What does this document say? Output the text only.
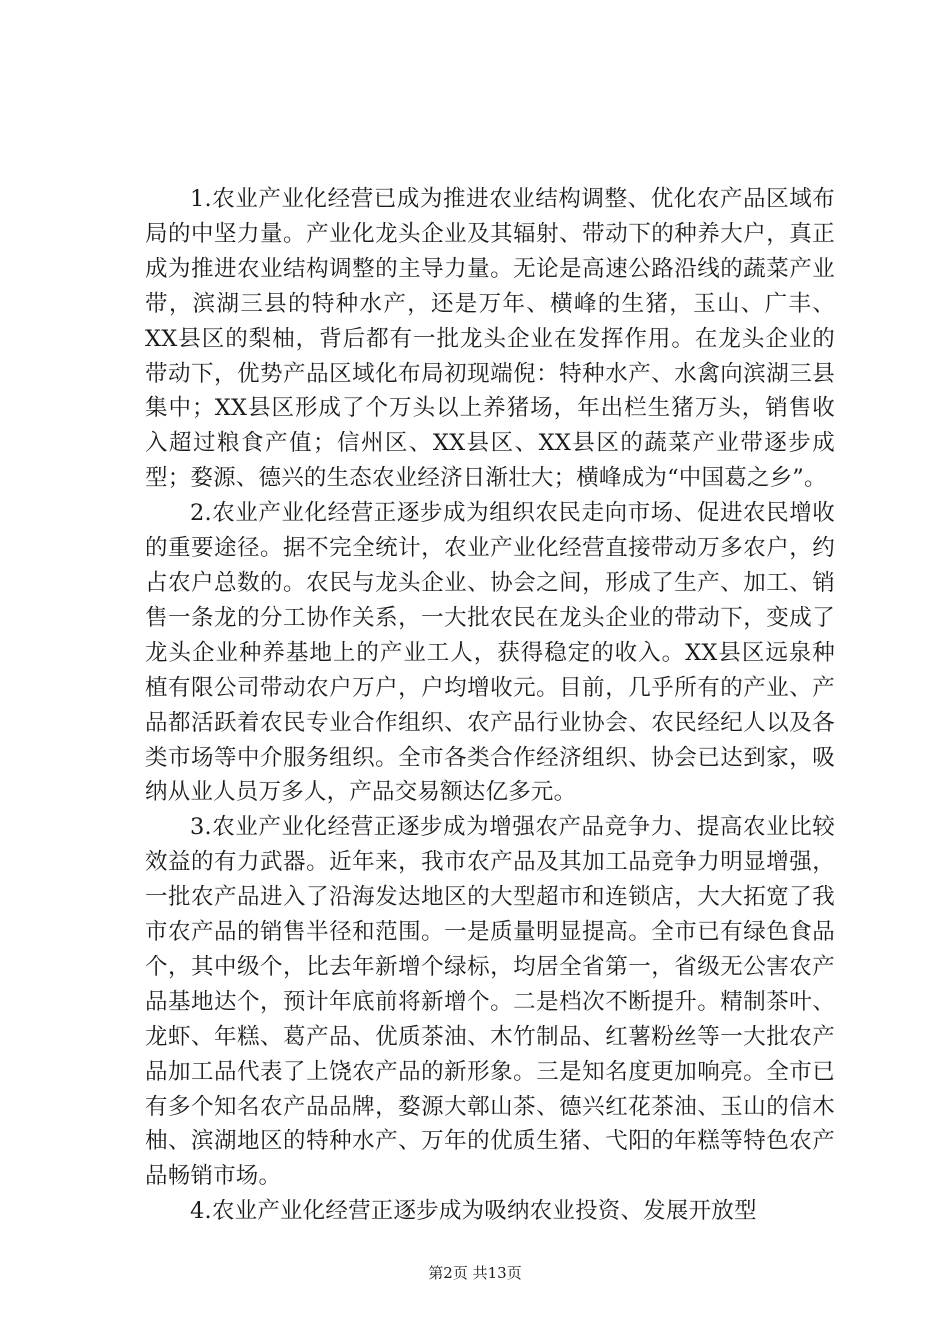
1.农业产业化经营已成为推进农业结构调整、优化农产品区域布局的中坚力量。产业化龙头企业及其辐射、带动下的种养大户，真正成为推进农业结构调整的主导力量。无论是高速公路沿线的蔬菜产业带，滨湖三县的特种水产，还是万年、横峰的生猪，玉山、广丰、XX县区的梨柚，背后都有一批龙头企业在发挥作用。在龙头企业的带动下，优势产品区域化布局初现端倪：特种水产、水禽向滨湖三县集中；XX县区形成了个万头以上养猪场，年出栏生猪万头，销售收入超过粮食产值；信州区、XX县区、XX县区的蔬菜产业带逐步成型；婺源、德兴的生态农业经济日渐壮大；横峰成为“中国葛之乡”。

2.农业产业化经营正逐步成为组织农民走向市场、促进农民增收的重要途径。据不完全统计，农业产业化经营直接带动万多农户，约占农户总数的。农民与龙头企业、协会之间，形成了生产、加工、销售一条龙的分工协作关系，一大批农民在龙头企业的带动下，变成了龙头企业种养基地上的产业工人，获得稳定的收入。XX县区远泉种植有限公司带动农户万户，户均增收元。目前，几乎所有的产业、产品都活跃着农民专业合作组织、农产品行业协会、农民经纪人以及各类市场等中介服务组织。全市各类合作经济组织、协会已达到家，吸纳从业人员万多人，产品交易额达亿多元。

3.农业产业化经营正逐步成为增强农产品竞争力、提高农业比较效益的有力武器。近年来，我市农产品及其加工品竞争力明显增强，一批农产品进入了沿海发达地区的大型超市和连锁店，大大拓宽了我市农产品的销售半径和范围。一是质量明显提高。全市已有绿色食品个，其中级个，比去年新增个绿标，均居全省第一，省级无公害农产品基地达个，预计年底前将新增个。二是档次不断提升。精制茶叶、龙虾、年糕、葛产品、优质茶油、木竹制品、红薯粉丝等一大批农产品加工品代表了上饶农产品的新形象。三是知名度更加响亮。全市已有多个知名农产品品牌，婺源大鄣山茶、德兴红花茶油、玉山的信木柚、滨湖地区的特种水产、万年的优质生猪、弋阳的年糕等特色农产品畅销市场。

4.农业产业化经营正逐步成为吸纳农业投资、发展开放型

第2页 共13页
